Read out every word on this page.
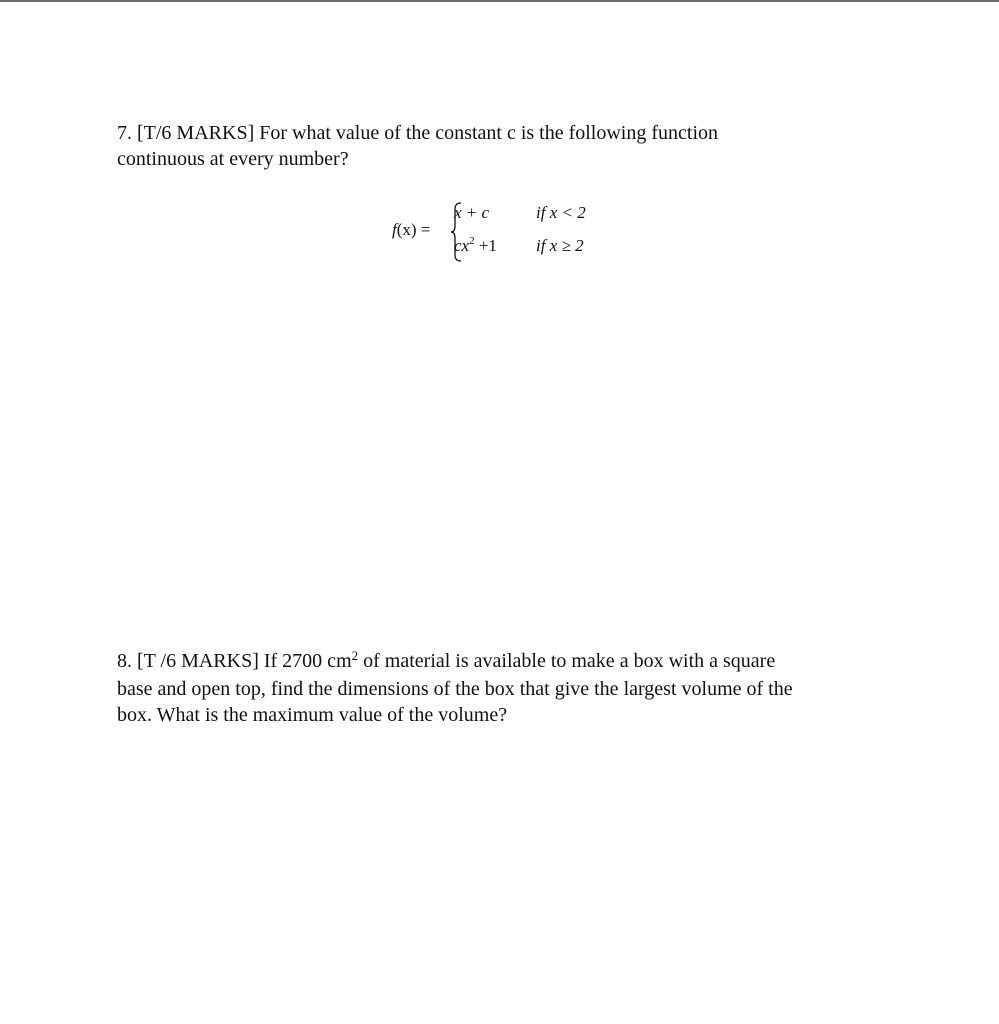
7. [T/6 MARKS] For what value of the constant c is the following function
continuous at every number?
f(x) =
x + c	if x < 2
$cx^2 +1$ if x ≥ 2
8. [T /6 MARKS] If 2700 $cm^2$ of material is available to make a box with a square
base and open top, find the dimensions of the box that give the largest volume of the
box. What is the maximum value of the volume?
